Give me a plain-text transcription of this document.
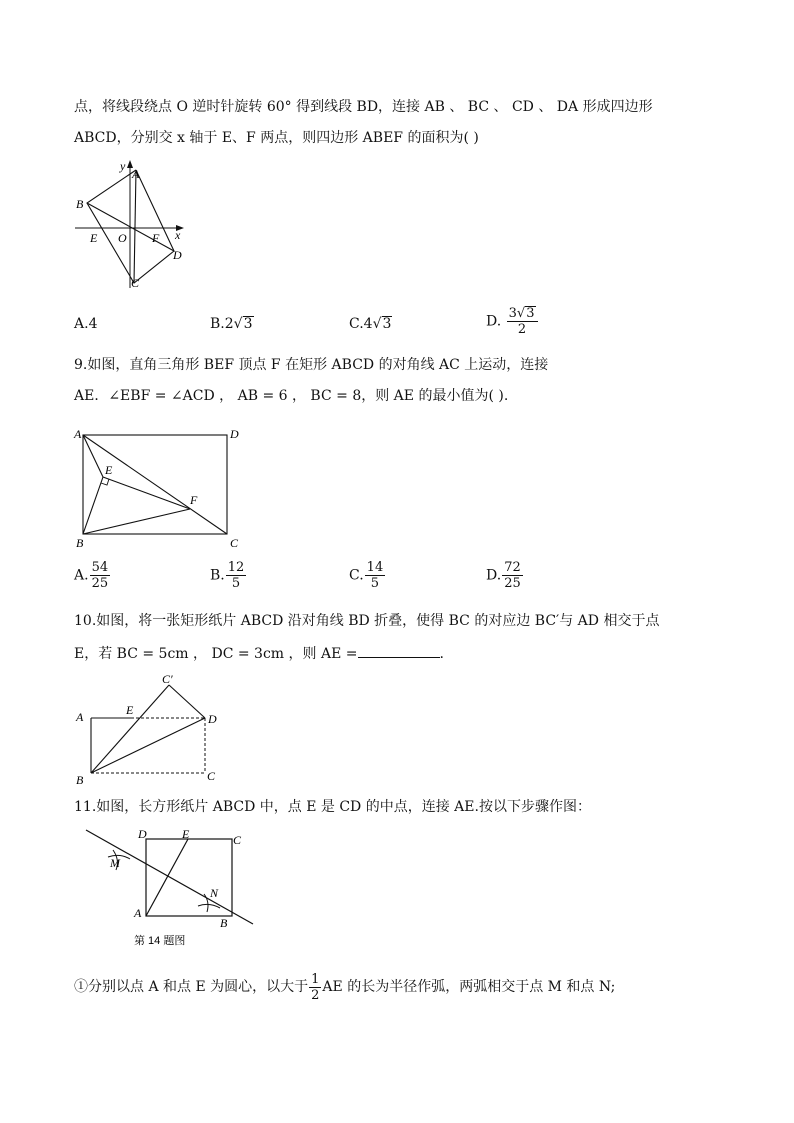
点，将线段绕点 O 逆时针旋转 60° 得到线段 BD，连接 AB 、 BC 、 CD 、 DA 形成四边形
ABCD，分别交 x 轴于 E、F 两点，则四边形 ABEF 的面积为( )
y
A
B
E O F x
D
C
A.4	B.2√3	C.4√3	D. $\frac{3√3}{2}$
9.如图，直角三角形 BEF 顶点 F 在矩形 ABCD 的对角线 AC 上运动，连接
AE．∠EBF = ∠ACD ， AB = 6 ， BC = 8，则 AE 的最小值为( ).
A	D
E
F
B	C
A. $\frac{54}{25}$	B. $\frac{12}{5}$	C. $\frac{14}{5}$	D. $\frac{72}{25}$
10.如图，将一张矩形纸片 ABCD 沿对角线 BD 折叠，使得 BC 的对应边 BC′与 AD 相交于点
E，若 BC = 5cm ， DC = 3cm ，则 AE =	.
C′
A	E
D
B	C
11.如图，长方形纸片 ABCD 中，点 E 是 CD 的中点，连接 AE.按以下步骤作图：
D	E	C
M
N
A
B
第 14 题图
①分别以点 A 和点 E 为圆心，以大于 $\frac{1}{2}$ AE 的长为半径作弧，两弧相交于点 M 和点 N;
